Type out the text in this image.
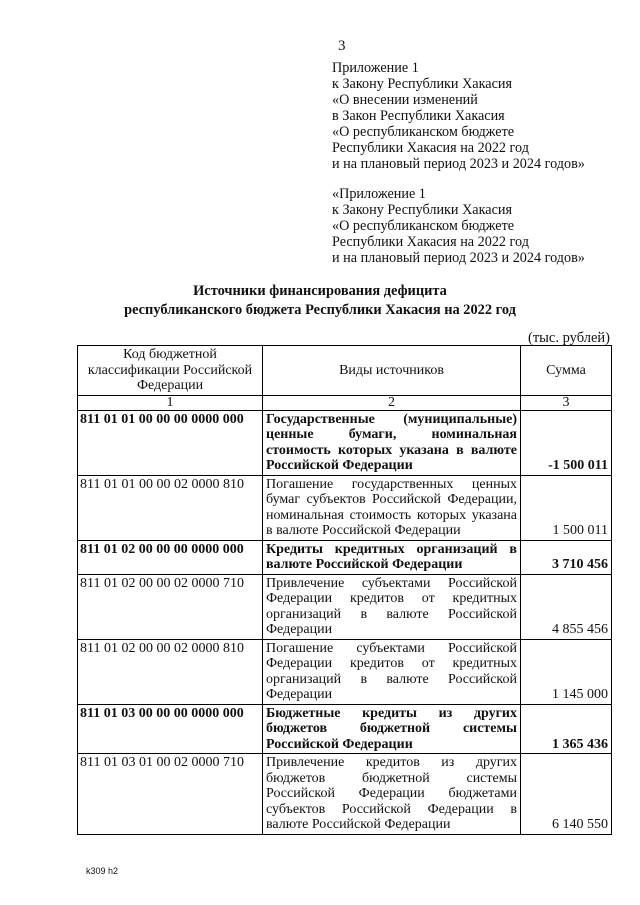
3
Приложение 1
к Закону Республики Хакасия
«О внесении изменений
в Закон Республики Хакасия
«О республиканском бюджете
Республики Хакасия на 2022 год
и на плановый период 2023 и 2024 годов»
«Приложение 1
к Закону Республики Хакасия
«О республиканском бюджете
Республики Хакасия на 2022 год
и на плановый период 2023 и 2024 годов»
Источники финансирования дефицита
республиканского бюджета Республики Хакасия на 2022 год
(тыс. рублей)
Код бюджетной классификации Российской Федерации	Виды источников	Сумма
1	2	3
811 01 01 00 00 00 0000 000	Государственные (муниципальные) ценные бумаги, номинальная стоимость которых указана в валюте Российской Федерации	-1 500 011
811 01 01 00 00 02 0000 810	Погашение государственных ценных бумаг субъектов Российской Федерации, номинальная стоимость которых указана в валюте Российской Федерации	1 500 011
811 01 02 00 00 00 0000 000	Кредиты кредитных организаций в валюте Российской Федерации	3 710 456
811 01 02 00 00 02 0000 710	Привлечение субъектами Российской Федерации кредитов от кредитных организаций в валюте Российской Федерации	4 855 456
811 01 02 00 00 02 0000 810	Погашение субъектами Российской Федерации кредитов от кредитных организаций в валюте Российской Федерации	1 145 000
811 01 03 00 00 00 0000 000	Бюджетные кредиты из других бюджетов бюджетной системы Российской Федерации	1 365 436
811 01 03 01 00 02 0000 710	Привлечение кредитов из других бюджетов бюджетной системы Российской Федерации бюджетами субъектов Российской Федерации в валюте Российской Федерации	6 140 550
k309 h2
